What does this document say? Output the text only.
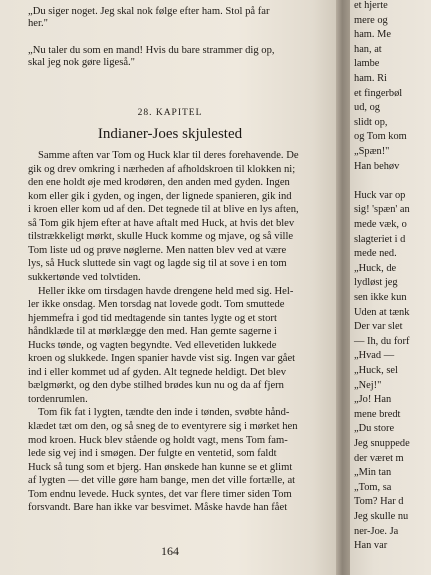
„Du siger noget. Jeg skal nok følge efter ham. Stol på far
her."
„Nu taler du som en mand! Hvis du bare strammer dig op,
skal jeg nok gøre ligeså."
28. KAPITEL
Indianer-Joes skjulested
Samme aften var Tom og Huck klar til deres forehavende. De
gik og drev omkring i nærheden af afholdskroen til klokken ni;
den ene holdt øje med krodøren, den anden med gyden. Ingen
kom eller gik i gyden, og ingen, der lignede spanieren, gik ind
i kroen eller kom ud af den. Det tegnede til at blive en lys aften,
så Tom gik hjem efter at have aftalt med Huck, at hvis det blev
tilstrækkeligt mørkt, skulle Huck komme og mjave, og så ville
Tom liste ud og prøve nøglerne. Men natten blev ved at være
lys, så Huck sluttede sin vagt og lagde sig til at sove i en tom
sukkertønde ved tolvtiden.
Heller ikke om tirsdagen havde drengene held med sig. Hel-
ler ikke onsdag. Men torsdag nat lovede godt. Tom smuttede
hjemmefra i god tid medtagende sin tantes lygte og et stort
håndklæde til at mørklægge den med. Han gemte sagerne i
Hucks tønde, og vagten begyndte. Ved ellevetiden lukkede
kroen og slukkede. Ingen spanier havde vist sig. Ingen var gået
ind i eller kommet ud af gyden. Alt tegnede heldigt. Det blev
bælgmørkt, og den dybe stilhed brødes kun nu og da af fjern
tordenrumlen.
Tom fik fat i lygten, tændte den inde i tønden, svøbte hånd-
klædet tæt om den, og så sneg de to eventyrere sig i mørket hen
mod kroen. Huck blev stående og holdt vagt, mens Tom fam-
lede sig vej ind i smøgen. Der fulgte en ventetid, som faldt
Huck så tung som et bjerg. Han ønskede han kunne se et glimt
af lygten — det ville gøre ham bange, men det ville fortælle, at
Tom endnu levede. Huck syntes, det var flere timer siden Tom
forsvandt. Bare han ikke var besvimet. Måske havde han fået
164
et hjerte
mere og
ham. Me
han, at
lambe
ham. Ri
et fingerbøl
ud, og
slidt op,
og Tom kom
„Spæn!"
Han behøv
Huck var op
sig! 'spæn' an
mede væk, o
slagteriet i d
mede ned.
„Huck, de
lydløst jeg
sen ikke kun
Uden at tænk
Der var slet
— Ih, du forf
„Hvad —
„Huck, sel
„Nej!"
„Jo! Han
mene bredt
„Du store
Jeg snuppede
der været m
„Min tan
„Tom, sa
Tom? Har d
Jeg skulle nu
ner-Joe. Ja
Han var
